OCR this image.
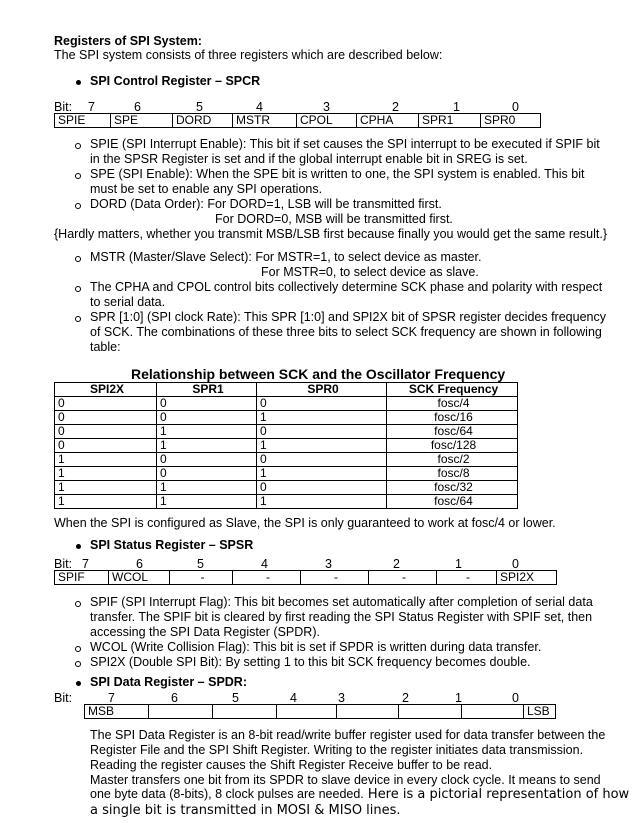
Registers of SPI System:
The SPI system consists of three registers which are described below:
SPI Control Register – SPCR
Bit: 7	6	5	4	3	2	1	0
SPIE	SPE	DORD	MSTR	CPOL	CPHA	SPR1	SPR0
SPIE (SPI Interrupt Enable): This bit if set causes the SPI interrupt to be executed if SPIF bit
in the SPSR Register is set and if the global interrupt enable bit in SREG is set.
SPE (SPI Enable): When the SPE bit is written to one, the SPI system is enabled. This bit
must be set to enable any SPI operations.
DORD (Data Order): For DORD=1, LSB will be transmitted first.
For DORD=0, MSB will be transmitted first.
{Hardly matters, whether you transmit MSB/LSB first because finally you would get the same result.}
MSTR (Master/Slave Select): For MSTR=1, to select device as master.
For MSTR=0, to select device as slave.
The CPHA and CPOL control bits collectively determine SCK phase and polarity with respect
to serial data.
SPR [1:0] (SPI clock Rate): This SPR [1:0] and SPI2X bit of SPSR register decides frequency
of SCK. The combinations of these three bits to select SCK frequency are shown in following
table:
Relationship between SCK and the Oscillator Frequency
SPI2X	SPR1	SPR0	SCK Frequency
0	0	0	fosc/4
0	0	1	fosc/16
0	1	0	fosc/64
0	1	1	fosc/128
1	0	0	fosc/2
1	0	1	fosc/8
1	1	0	fosc/32
1	1	1	fosc/64
When the SPI is configured as Slave, the SPI is only guaranteed to work at fosc/4 or lower.
SPI Status Register – SPSR
Bit: 7	6	5	4	3	2	1	0
SPIF	WCOL	-	-	-	-	-	SPI2X
SPIF (SPI Interrupt Flag): This bit becomes set automatically after completion of serial data
transfer. The SPIF bit is cleared by first reading the SPI Status Register with SPIF set, then
accessing the SPI Data Register (SPDR).
WCOL (Write Collision Flag): This bit is set if SPDR is written during data transfer.
SPI2X (Double SPI Bit): By setting 1 to this bit SCK frequency becomes double.
SPI Data Register – SPDR:
Bit:	7	6	5	4	3	2	1	0
MSB							LSB
The SPI Data Register is an 8-bit read/write buffer register used for data transfer between the
Register File and the SPI Shift Register. Writing to the register initiates data transmission.
Reading the register causes the Shift Register Receive buffer to be read.
Master transfers one bit from its SPDR to slave device in every clock cycle. It means to send
one byte data (8-bits), 8 clock pulses are needed. Here is a pictorial representation of how
a single bit is transmitted in MOSI & MISO lines.
